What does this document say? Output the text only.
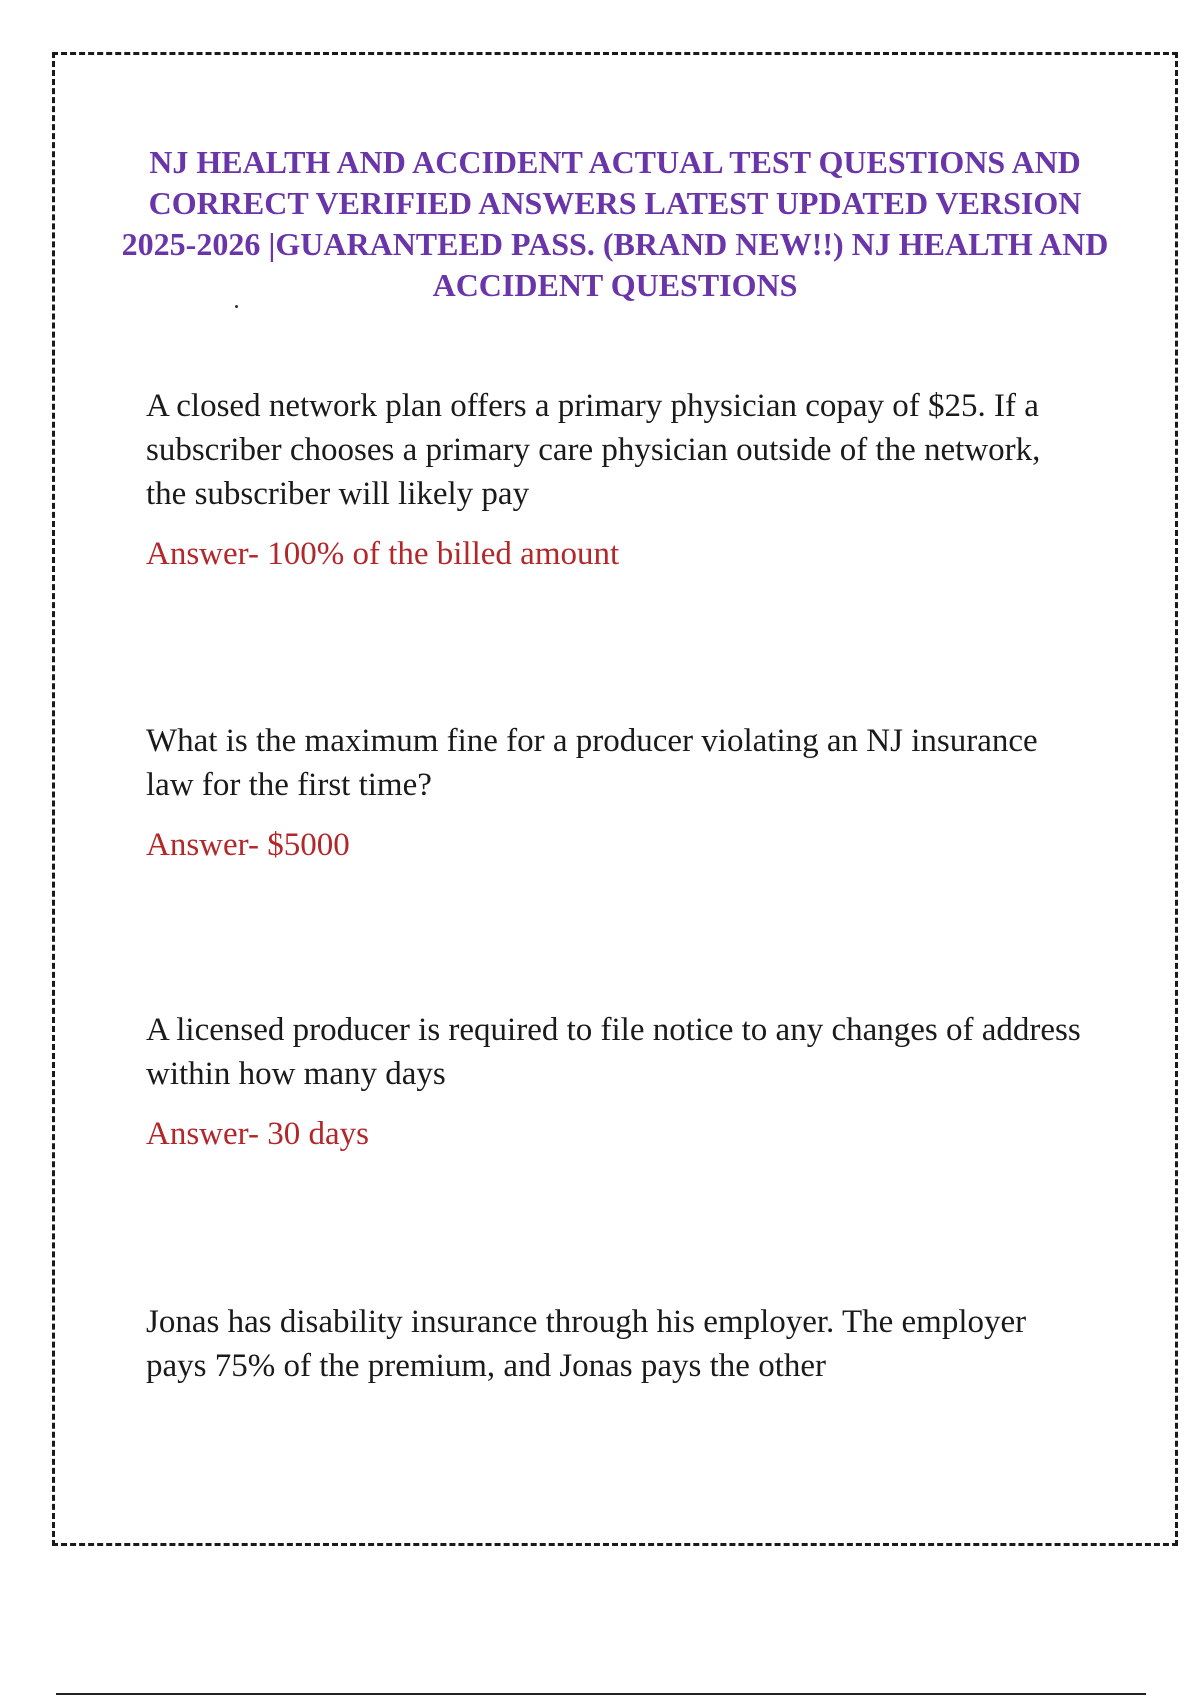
NJ HEALTH AND ACCIDENT ACTUAL TEST QUESTIONS AND CORRECT VERIFIED ANSWERS LATEST UPDATED VERSION 2025-2026 |GUARANTEED PASS. (BRAND NEW!!) NJ HEALTH AND ACCIDENT QUESTIONS

A closed network plan offers a primary physician copay of $25. If a subscriber chooses a primary care physician outside of the network, the subscriber will likely pay

Answer- 100% of the billed amount

What is the maximum fine for a producer violating an NJ insurance law for the first time?

Answer- $5000

A licensed producer is required to file notice to any changes of address within how many days

Answer- 30 days

Jonas has disability insurance through his employer. The employer pays 75% of the premium, and Jonas pays the other
